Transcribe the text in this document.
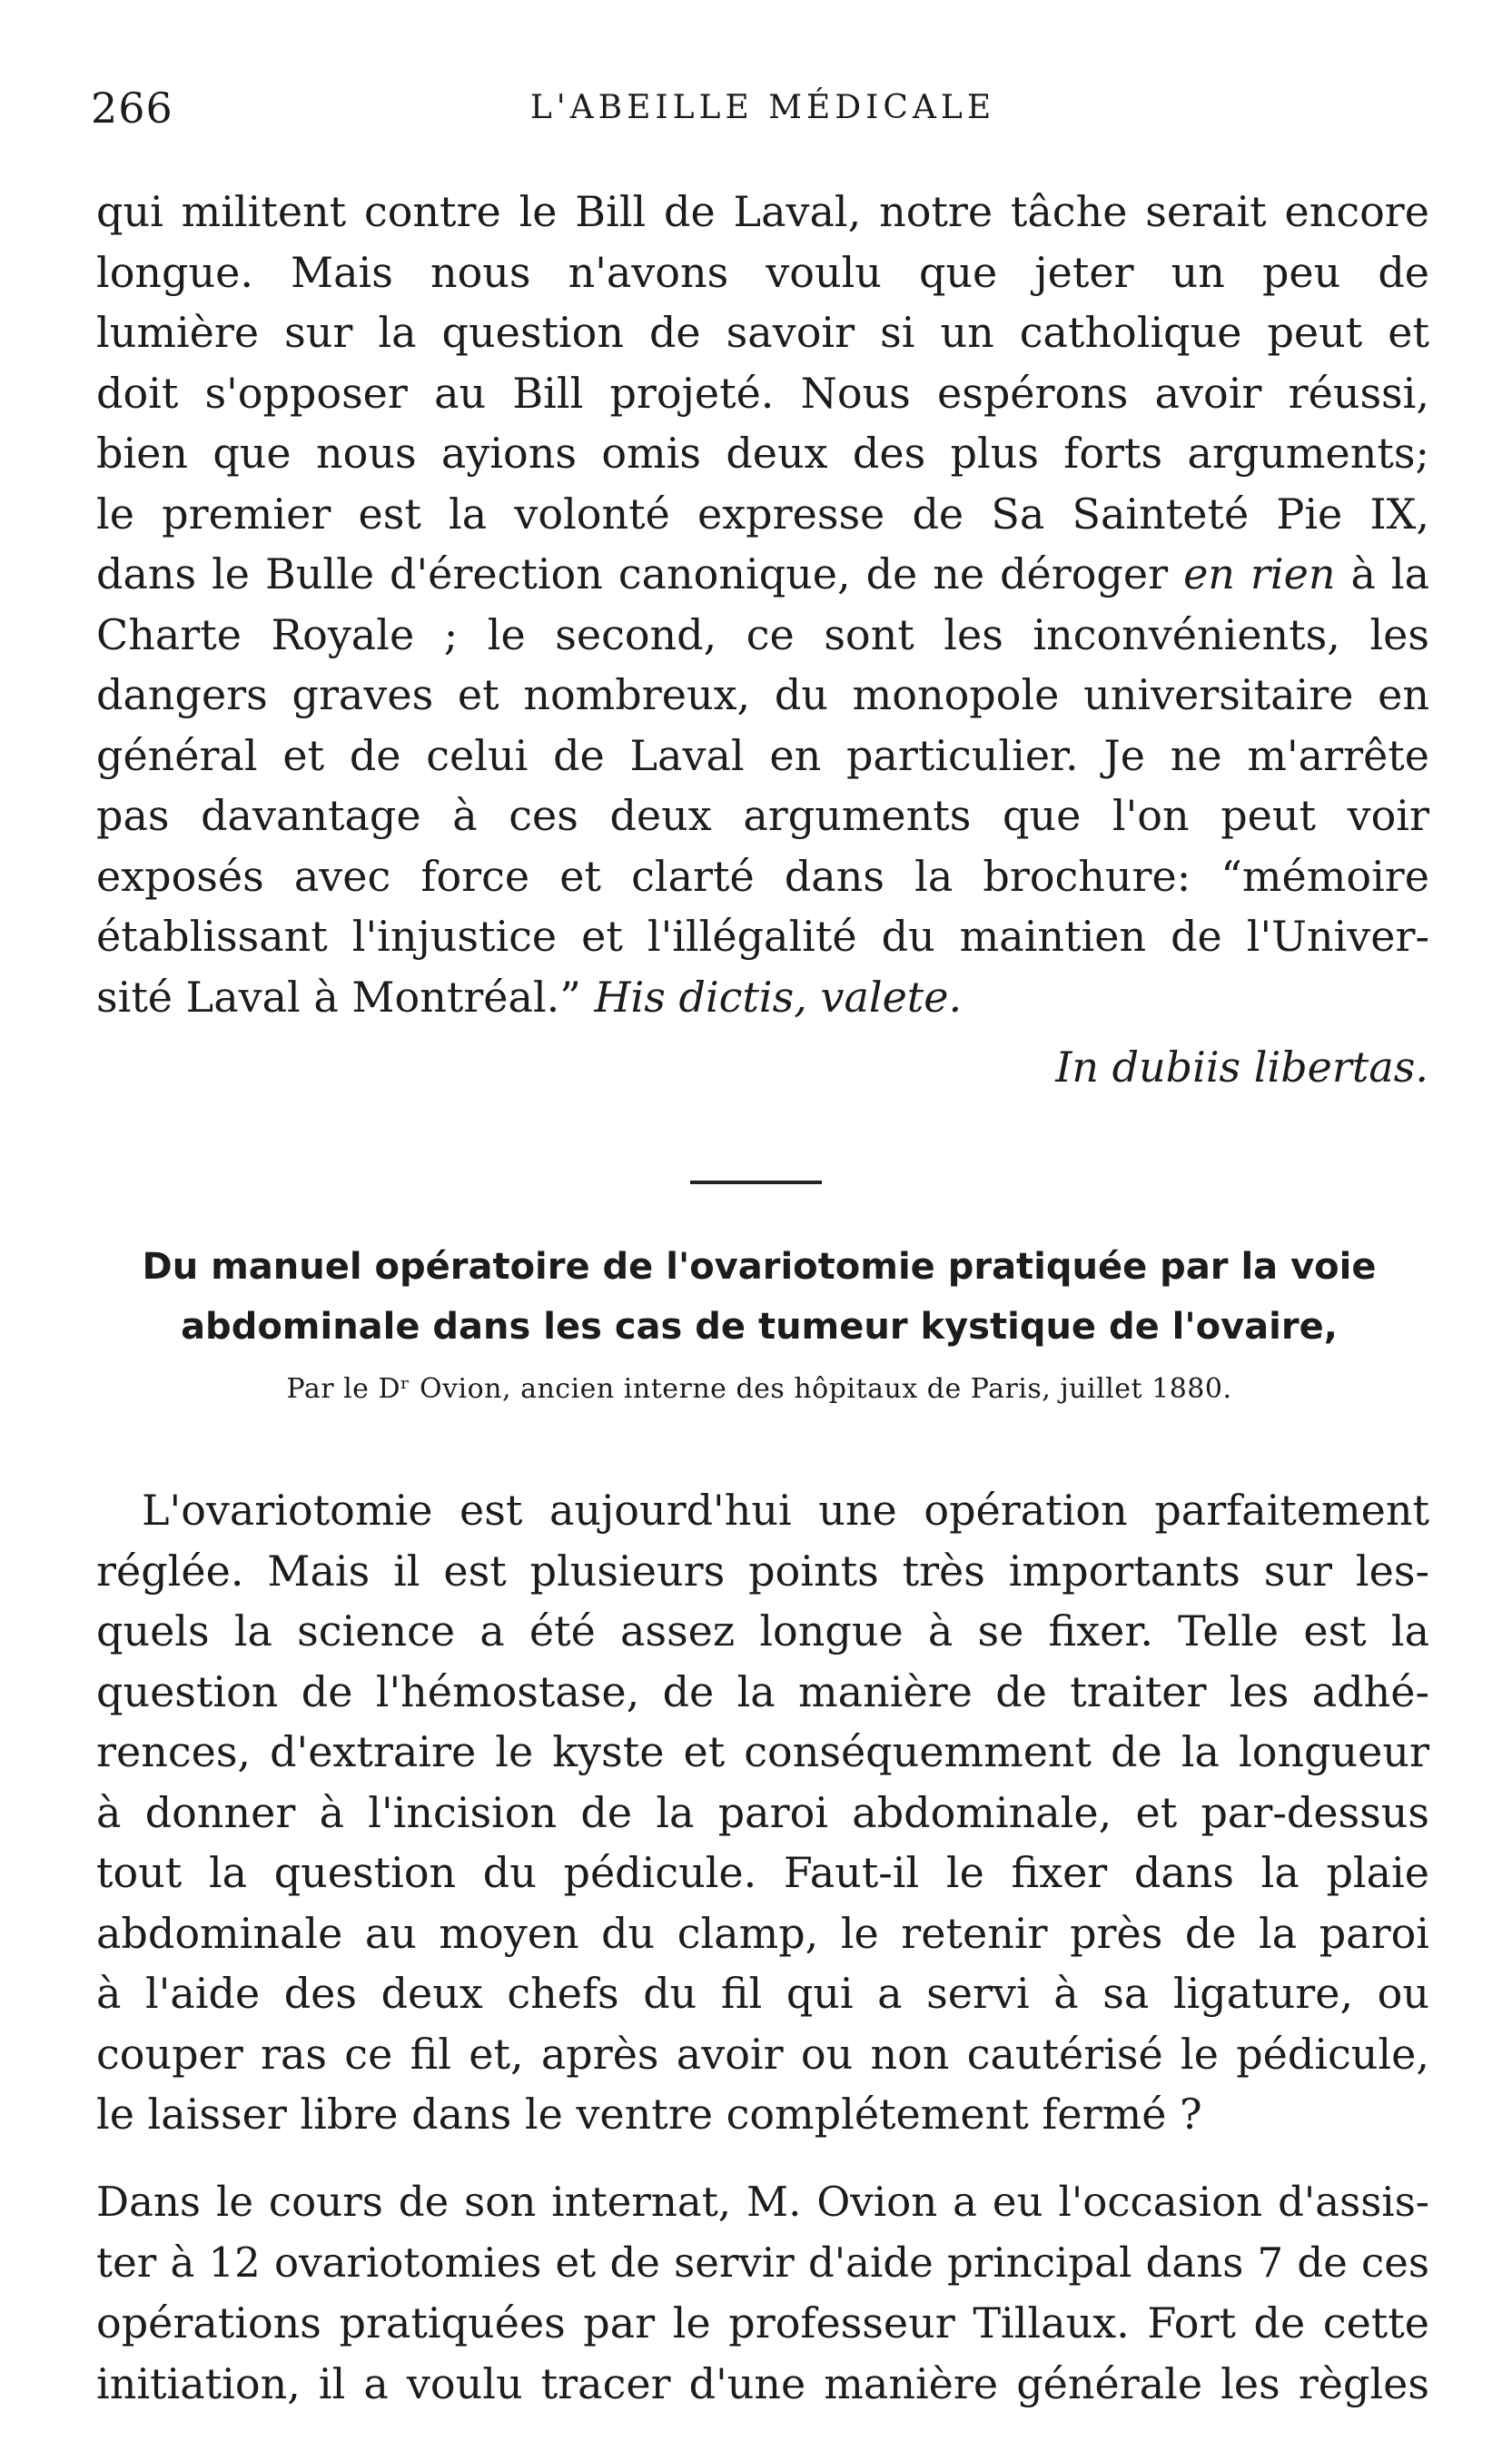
266	L'ABEILLE MÉDICALE
qui militent contre le Bill de Laval, notre tâche serait encore
longue. Mais nous n'avons voulu que jeter un peu de
lumière sur la question de savoir si un catholique peut et
doit s'opposer au Bill projeté. Nous espérons avoir réussi,
bien que nous ayions omis deux des plus forts arguments;
le premier est la volonté expresse de Sa Sainteté Pie IX,
dans le Bulle d'érection canonique, de ne déroger en rien à la
Charte Royale ; le second, ce sont les inconvénients, les
dangers graves et nombreux, du monopole universitaire en
général et de celui de Laval en particulier. Je ne m'arrête
pas davantage à ces deux arguments que l'on peut voir
exposés avec force et clarté dans la brochure: “mémoire
établissant l'injustice et l'illégalité du maintien de l'Univer-
sité Laval à Montréal.” His dictis, valete.
In dubiis libertas.
Du manuel opératoire de l'ovariotomie pratiquée par la voie
abdominale dans les cas de tumeur kystique de l'ovaire,
Par le Dʳ Ovion, ancien interne des hôpitaux de Paris, juillet 1880.
L'ovariotomie est aujourd'hui une opération parfaitement
réglée. Mais il est plusieurs points très importants sur les-
quels la science a été assez longue à se fixer. Telle est la
question de l'hémostase, de la manière de traiter les adhé-
rences, d'extraire le kyste et conséquemment de la longueur
à donner à l'incision de la paroi abdominale, et par-dessus
tout la question du pédicule. Faut-il le fixer dans la plaie
abdominale au moyen du clamp, le retenir près de la paroi
à l'aide des deux chefs du fil qui a servi à sa ligature, ou
couper ras ce fil et, après avoir ou non cautérisé le pédicule,
le laisser libre dans le ventre complétement fermé ?
Dans le cours de son internat, M. Ovion a eu l'occasion d'assis-
ter à 12 ovariotomies et de servir d'aide principal dans 7 de ces
opérations pratiquées par le professeur Tillaux. Fort de cette
initiation, il a voulu tracer d'une manière générale les règles
